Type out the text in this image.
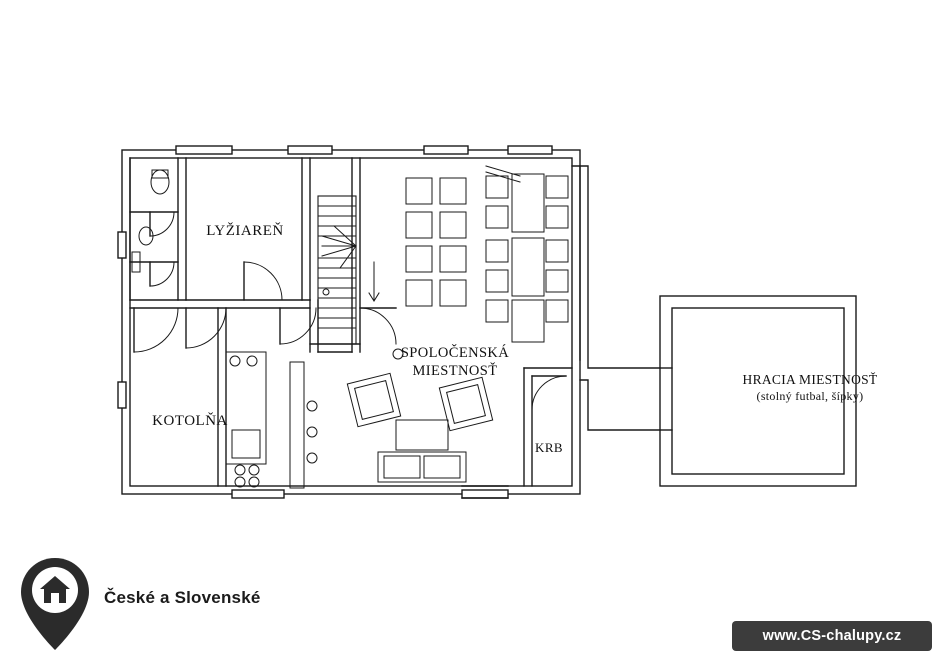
LYŽIAREŇ
KOTOLŇA
SPOLOČENSKÁ
MIESTNOSŤ
KRB
HRACIA MIESTNOSŤ
(stolný futbal, šípky)
České a Slovenské
www.CS-chalupy.cz
